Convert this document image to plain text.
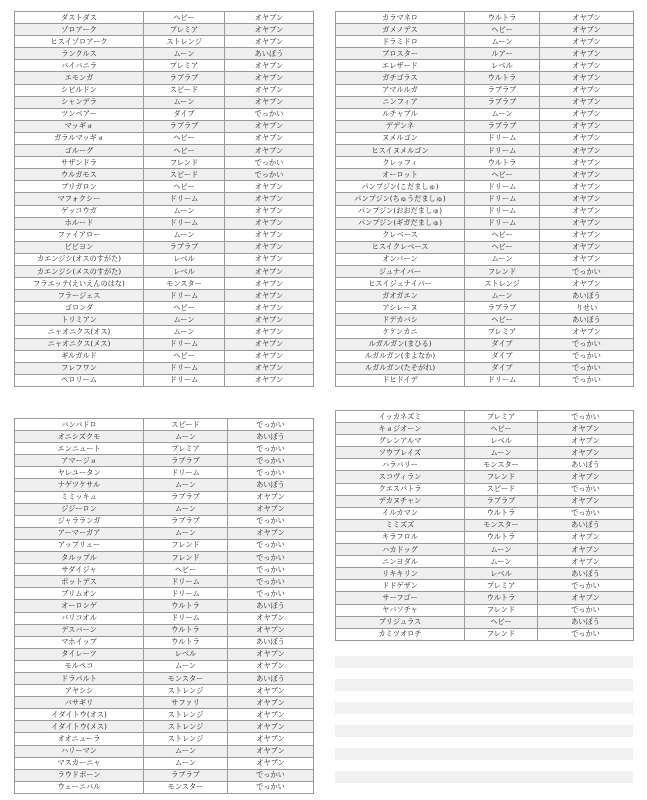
ダストダス	ヘビー	オヤブン
ゾロアーク	プレミア	オヤブン
ヒスイゾロアーク	ストレンジ	オヤブン
ランクルス	ムーン	あいぼう
バイバニラ	プレミア	オヤブン
エモンガ	ラブラブ	オヤブン
シビルドン	スピード	オヤブン
シャンデラ	ムーン	オヤブン
ツンベアー	ダイブ	でっかい
マッギョ	ラブラブ	オヤブン
ガラルマッギョ	ヘビー	オヤブン
ゴルーグ	ヘビー	オヤブン
サザンドラ	フレンド	でっかい
ウルガモス	スピード	でっかい
ブリガロン	ヘビー	オヤブン
マフォクシー	ドリーム	オヤブン
ゲッコウガ	ムーン	オヤブン
ホルード	ドリーム	オヤブン
ファイアロー	ムーン	オヤブン
ビビヨン	ラブラブ	オヤブン
カエンジシ(オスのすがた)	レベル	オヤブン
カエンジシ(メスのすがた)	レベル	オヤブン
フラエッテ(えいえんのはな)	モンスター	オヤブン
フラージェス	ドリーム	オヤブン
ゴロンダ	ヘビー	オヤブン
トリミアン	ムーン	オヤブン
ニャオニクス(オス)	ムーン	オヤブン
ニャオニクス(メス)	ドリーム	オヤブン
ギルガルド	ヘビー	オヤブン
フレフワン	ドリーム	オヤブン
ペロリーム	ドリーム	オヤブン
カラマネロ	ウルトラ	オヤブン
ガメノデス	ヘビー	オヤブン
ドラミドロ	ムーン	オヤブン
ブロスター	ルアー	オヤブン
エレザード	レベル	オヤブン
ガチゴラス	ウルトラ	オヤブン
アマルルガ	ラブラブ	オヤブン
ニンフィア	ラブラブ	オヤブン
ルチャブル	ムーン	オヤブン
デデンネ	ラブラブ	オヤブン
ヌメルゴン	ドリーム	オヤブン
ヒスイヌメルゴン	ドリーム	オヤブン
クレッフィ	ウルトラ	オヤブン
オーロット	ヘビー	オヤブン
パンプジン(こだましゅ)	ドリーム	オヤブン
パンプジン(ちゅうだましゅ)	ドリーム	オヤブン
パンプジン(おおだましゅ)	ドリーム	オヤブン
パンプジン(ギガだましゅ)	ドリーム	オヤブン
クレベース	ヘビー	オヤブン
ヒスイクレベース	ヘビー	オヤブン
オンバーン	ムーン	オヤブン
ジュナイパー	フレンド	でっかい
ヒスイジュナイパー	ストレンジ	オヤブン
ガオガエン	ムーン	あいぼう
アシレーヌ	ラブラブ	りせい
ドデカバシ	ヘビー	あいぼう
ケケンカニ	プレミア	オヤブン
ルガルガン(まひる)	ダイブ	でっかい
ルガルガン(まよなか)	ダイブ	でっかい
ルガルガン(たそがれ)	ダイブ	でっかい
ドヒドイデ	ドリーム	でっかい
バンバドロ	スピード	でっかい
オニシズクモ	ムーン	あいぼう
エンニュート	プレミア	でっかい
アマージョ	ラブラブ	でっかい
ヤレユータン	ドリーム	でっかい
ナゲツケサル	ムーン	あいぼう
ミミッキュ	ラブラブ	オヤブン
ジジーロン	ムーン	オヤブン
ジャラランガ	ラブラブ	でっかい
アーマーガア	ムーン	オヤブン
アップリュー	フレンド	でっかい
タルップル	フレンド	でっかい
サダイジャ	ヘビー	でっかい
ポットデス	ドリーム	でっかい
ブリムオン	ドリーム	でっかい
オーロンゲ	ウルトラ	あいぼう
バリコオル	ドリーム	オヤブン
デスバーン	ウルトラ	オヤブン
マホイップ	ウルトラ	あいぼう
タイレーツ	レベル	オヤブン
モルペコ	ムーン	オヤブン
ドラパルト	モンスター	あいぼう
アヤシシ	ストレンジ	オヤブン
バサギリ	サファリ	オヤブン
イダイトウ(オス)	ストレンジ	オヤブン
イダイトウ(メス)	ストレンジ	オヤブン
オオニューラ	ストレンジ	オヤブン
ハリーマン	ムーン	オヤブン
マスカーニャ	ムーン	オヤブン
ラウドボーン	ラブラブ	でっかい
ウェーニバル	モンスター	でっかい
イッカネズミ	プレミア	でっかい
キョジオーン	ヘビー	オヤブン
グレンアルマ	レベル	オヤブン
ソウブレイズ	ムーン	オヤブン
ハラバリー	モンスター	あいぼう
スコヴィラン	フレンド	オヤブン
クエスパトラ	スピード	でっかい
デカヌチャン	ラブラブ	オヤブン
イルカマン	ウルトラ	でっかい
ミミズズ	モンスター	あいぼう
キラフロル	ウルトラ	オヤブン
ハカドッグ	ムーン	オヤブン
ニンヨダル	ムーン	オヤブン
リキキリン	レベル	あいぼう
ドドゲザン	プレミア	でっかい
サーフゴー	ウルトラ	オヤブン
ヤバソチャ	フレンド	でっかい
ブリジュラス	ヘビー	あいぼう
カミツオロチ	フレンド	でっかい
